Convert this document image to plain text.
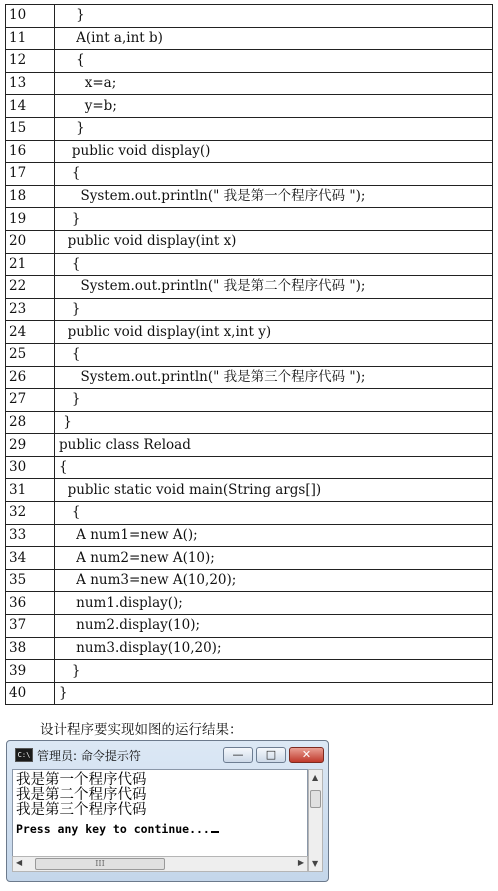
10	}
11	A(int a,int b)
12	{
13	x=a;
14	y=b;
15	}
16	public void display()
17	{
18	System.out.println(" 我是第一个程序代码 ");
19	}
20	public void display(int x)
21	{
22	System.out.println(" 我是第二个程序代码 ");
23	}
24	public void display(int x,int y)
25	{
26	System.out.println(" 我是第三个程序代码 ");
27	}
28	}
29	public class Reload
30	{
31	public static void main(String args[])
32	{
33	A num1=new A();
34	A num2=new A(10);
35	A num3=new A(10,20);
36	num1.display();
37	num2.display(10);
38	num3.display(10,20);
39	}
40	}
设计程序要实现如图的运行结果：
C:\ 管理员: 命令提示符	—	□	✕
我是第一个程序代码
我是第二个程序代码
我是第三个程序代码
Press any key to continue...
▲
▼
◀	III	▶
